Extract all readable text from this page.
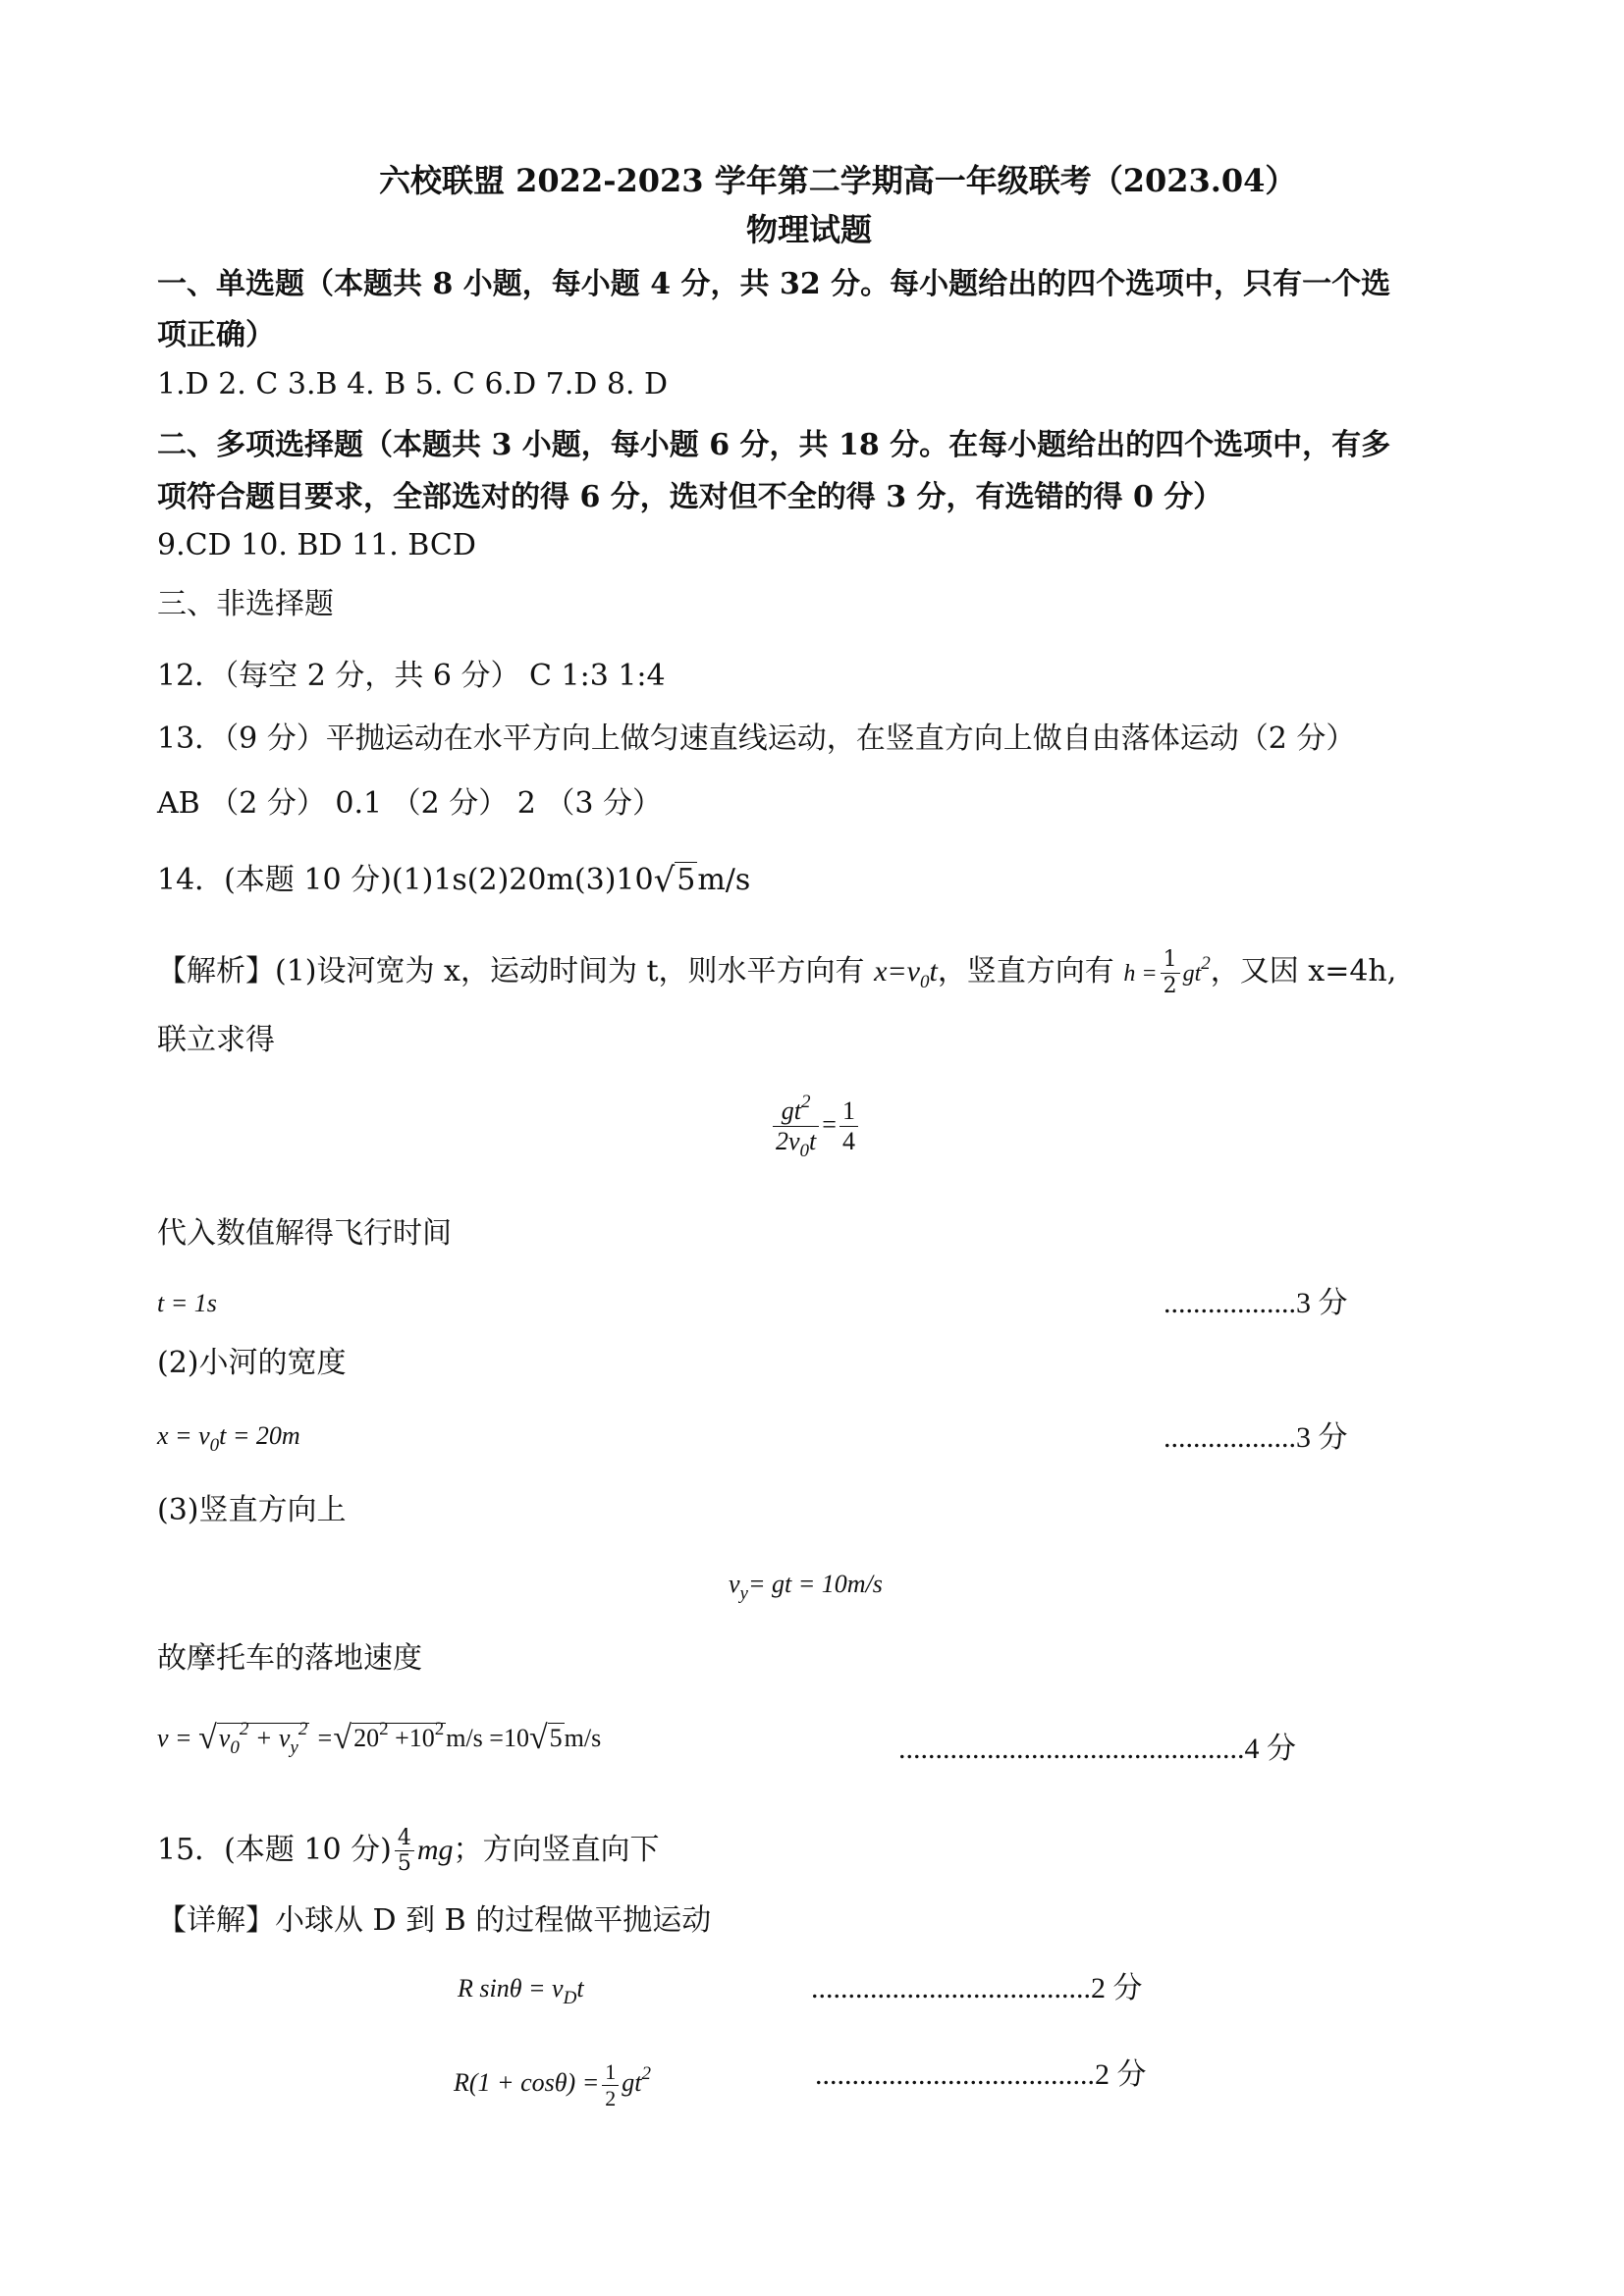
六校联盟 2022-2023 学年第二学期高一年级联考（2023.04）
物理试题
一、单选题（本题共 8 小题，每小题 4 分，共 32 分。每小题给出的四个选项中，只有一个选
项正确）
1.D 2. C 3.B 4. B 5. C 6.D 7.D 8. D
二、多项选择题（本题共 3 小题，每小题 6 分，共 18 分。在每小题给出的四个选项中，有多
项符合题目要求，全部选对的得 6 分，选对但不全的得 3 分，有选错的得 0 分）
9.CD 10. BD 11. BCD
三、非选择题
12．（每空 2 分，共 6 分） C 1:3 1:4
13．（9 分）平抛运动在水平方向上做匀速直线运动，在竖直方向上做自由落体运动（2 分）
AB （2 分） 0.1 （2 分） 2 （3 分）
14．(本题 10 分)(1)1s(2)20m(3)10√5m/s
【解析】(1)设河宽为 x，运动时间为 t，则水平方向有 $x=v_0t$，竖直方向有 $h = \frac{1}{2} gt^2$，又因 x=4h,
联立求得
$\frac{gt^2}{2v_0t} = \frac{1}{4}$
代入数值解得飞行时间
t = 1s	..................3 分
(2)小河的宽度
$x = v_0t = 20m$	..................3 分
(3)竖直方向上
$v_y=$ gt = 10m/s
故摩托车的落地速度
$v = √v_0^2 + v_y^2 =√20^2 +10^2m/s =10√5m/s$	...............................................4 分
15．(本题 10 分) $\frac{4}{5}$ mg；方向竖直向下
【详解】小球从 D 到 B 的过程做平抛运动
R $\sin\theta = v_Dt$	......................................2 分
$R(1 + \cos\theta) = \frac{1}{2} gt^2$	......................................2 分
